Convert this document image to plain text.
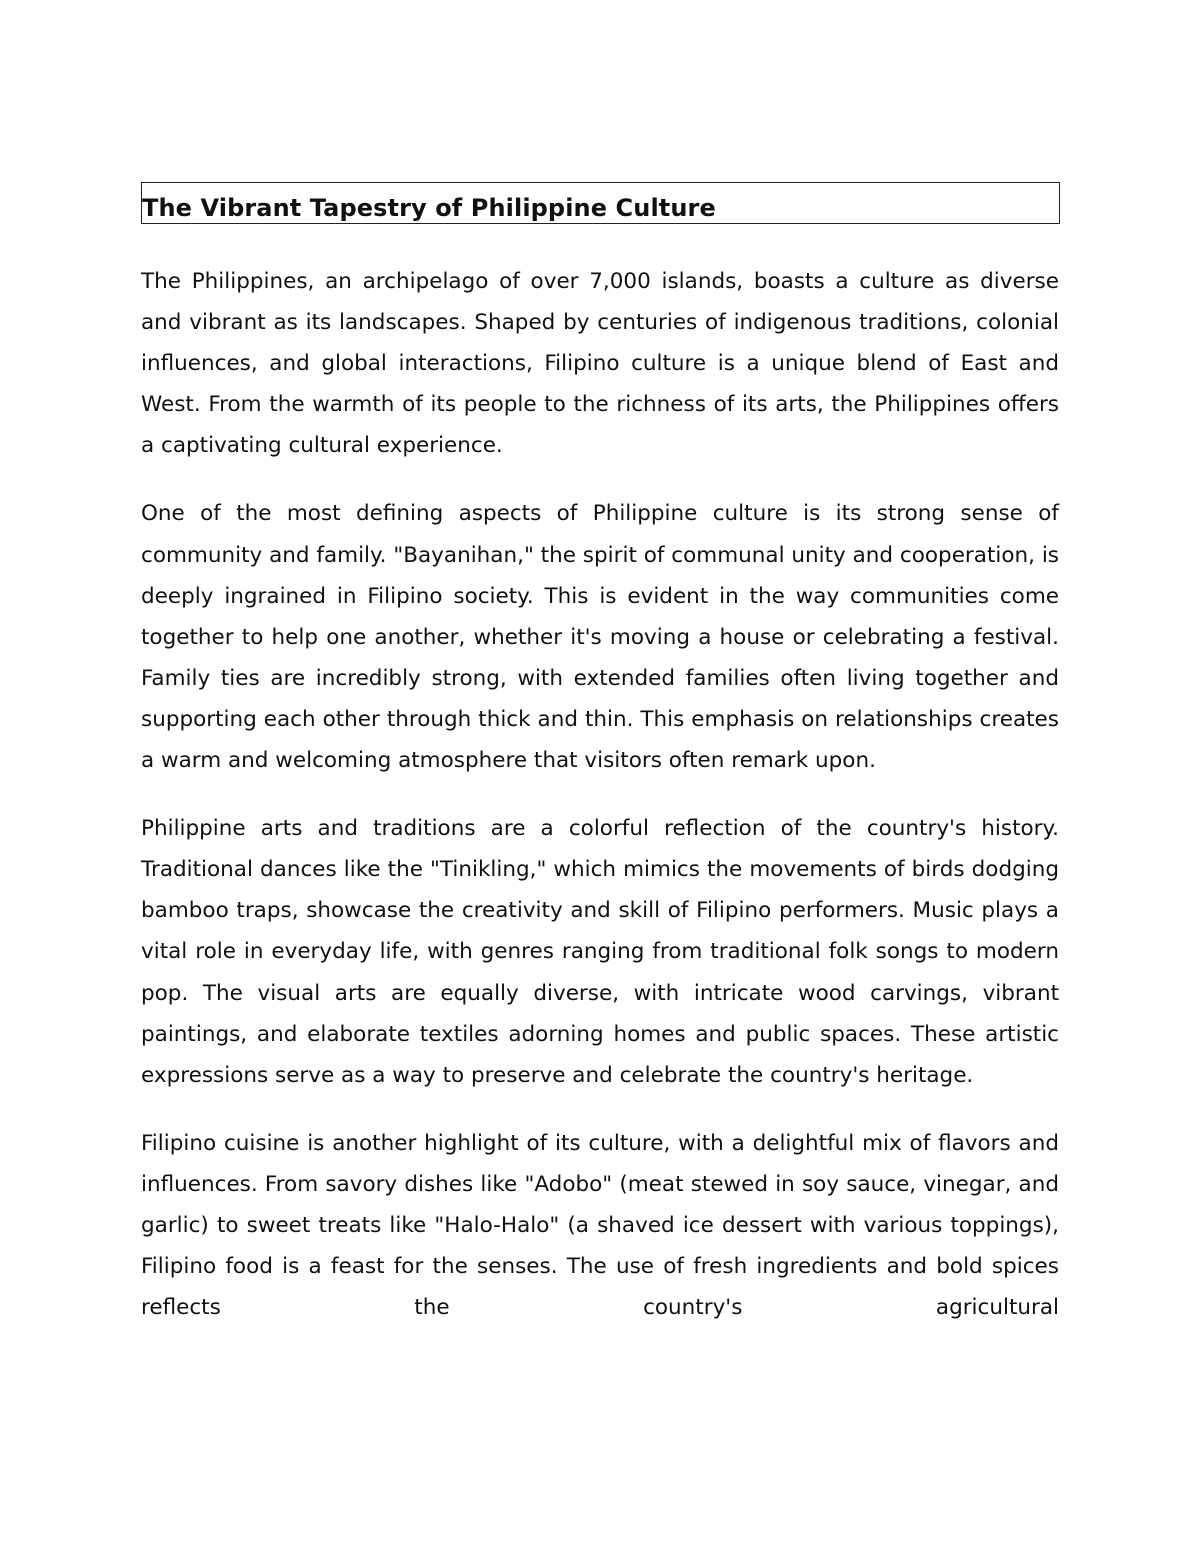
The Vibrant Tapestry of Philippine Culture

The Philippines, an archipelago of over 7,000 islands, boasts a culture as diverse and vibrant as its landscapes. Shaped by centuries of indigenous traditions, colonial influences, and global interactions, Filipino culture is a unique blend of East and West. From the warmth of its people to the richness of its arts, the Philippines offers a captivating cultural experience.

One of the most defining aspects of Philippine culture is its strong sense of community and family. "Bayanihan," the spirit of communal unity and cooperation, is deeply ingrained in Filipino society. This is evident in the way communities come together to help one another, whether it's moving a house or celebrating a festival. Family ties are incredibly strong, with extended families often living together and supporting each other through thick and thin. This emphasis on relationships creates a warm and welcoming atmosphere that visitors often remark upon.

Philippine arts and traditions are a colorful reflection of the country's history. Traditional dances like the "Tinikling," which mimics the movements of birds dodging bamboo traps, showcase the creativity and skill of Filipino performers. Music plays a vital role in everyday life, with genres ranging from traditional folk songs to modern pop. The visual arts are equally diverse, with intricate wood carvings, vibrant paintings, and elaborate textiles adorning homes and public spaces. These artistic expressions serve as a way to preserve and celebrate the country's heritage.

Filipino cuisine is another highlight of its culture, with a delightful mix of flavors and influences. From savory dishes like "Adobo" (meat stewed in soy sauce, vinegar, and garlic) to sweet treats like "Halo-Halo" (a shaved ice dessert with various toppings), Filipino food is a feast for the senses. The use of fresh ingredients and bold spices reflects the country's agricultural
